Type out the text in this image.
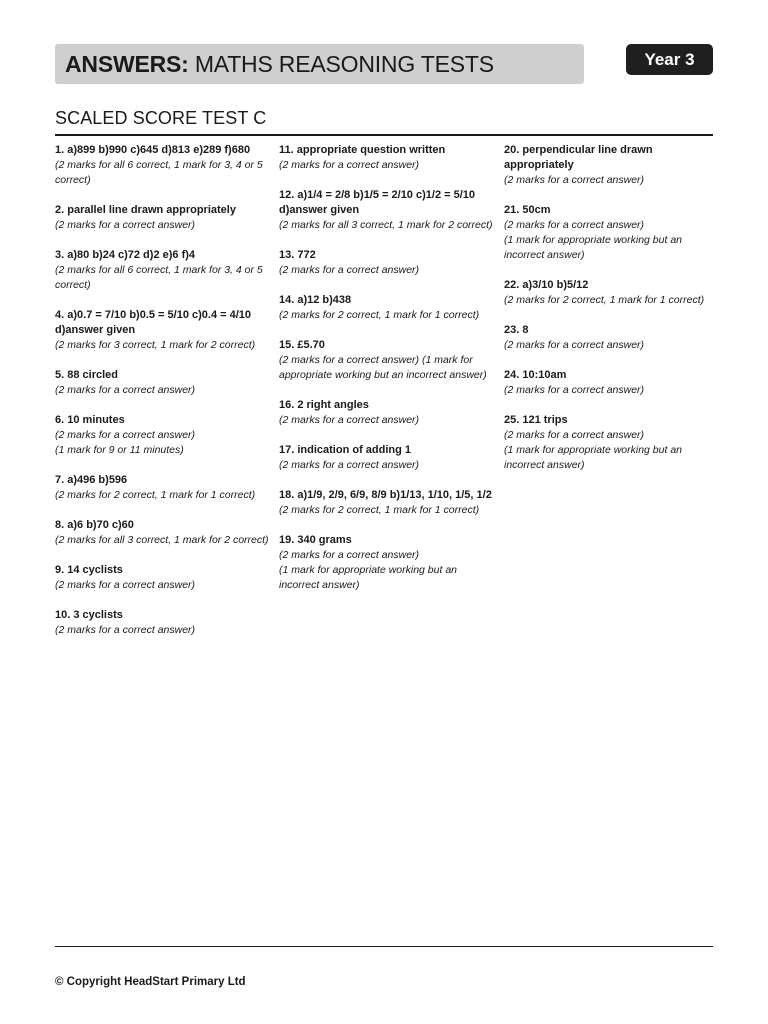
ANSWERS: MATHS REASONING TESTS	Year 3
SCALED SCORE TEST C
1. a)899 b)990 c)645 d)813 e)289 f)680
(2 marks for all 6 correct, 1 mark for 3, 4 or 5 correct)
2. parallel line drawn appropriately
(2 marks for a correct answer)
3. a)80 b)24 c)72 d)2 e)6 f)4
(2 marks for all 6 correct, 1 mark for 3, 4 or 5 correct)
4. a)0.7 = 7/10 b)0.5 = 5/10 c)0.4 = 4/10 d)answer given
(2 marks for 3 correct, 1 mark for 2 correct)
5. 88 circled
(2 marks for a correct answer)
6. 10 minutes
(2 marks for a correct answer)
(1 mark for 9 or 11 minutes)
7. a)496 b)596
(2 marks for 2 correct, 1 mark for 1 correct)
8. a)6 b)70 c)60
(2 marks for all 3 correct, 1 mark for 2 correct)
9. 14 cyclists
(2 marks for a correct answer)
10. 3 cyclists
(2 marks for a correct answer)
11. appropriate question written
(2 marks for a correct answer)
12. a)1/4 = 2/8 b)1/5 = 2/10 c)1/2 = 5/10 d)answer given
(2 marks for all 3 correct, 1 mark for 2 correct)
13. 772
(2 marks for a correct answer)
14. a)12 b)438
(2 marks for 2 correct, 1 mark for 1 correct)
15. £5.70
(2 marks for a correct answer) (1 mark for appropriate working but an incorrect answer)
16. 2 right angles
(2 marks for a correct answer)
17. indication of adding 1
(2 marks for a correct answer)
18. a)1/9, 2/9, 6/9, 8/9 b)1/13, 1/10, 1/5, 1/2
(2 marks for 2 correct, 1 mark for 1 correct)
19. 340 grams
(2 marks for a correct answer)
(1 mark for appropriate working but an incorrect answer)
20. perpendicular line drawn appropriately
(2 marks for a correct answer)
21. 50cm
(2 marks for a correct answer)
(1 mark for appropriate working but an incorrect answer)
22. a)3/10 b)5/12
(2 marks for 2 correct, 1 mark for 1 correct)
23. 8
(2 marks for a correct answer)
24. 10:10am
(2 marks for a correct answer)
25. 121 trips
(2 marks for a correct answer)
(1 mark for appropriate working but an incorrect answer)
© Copyright HeadStart Primary Ltd
